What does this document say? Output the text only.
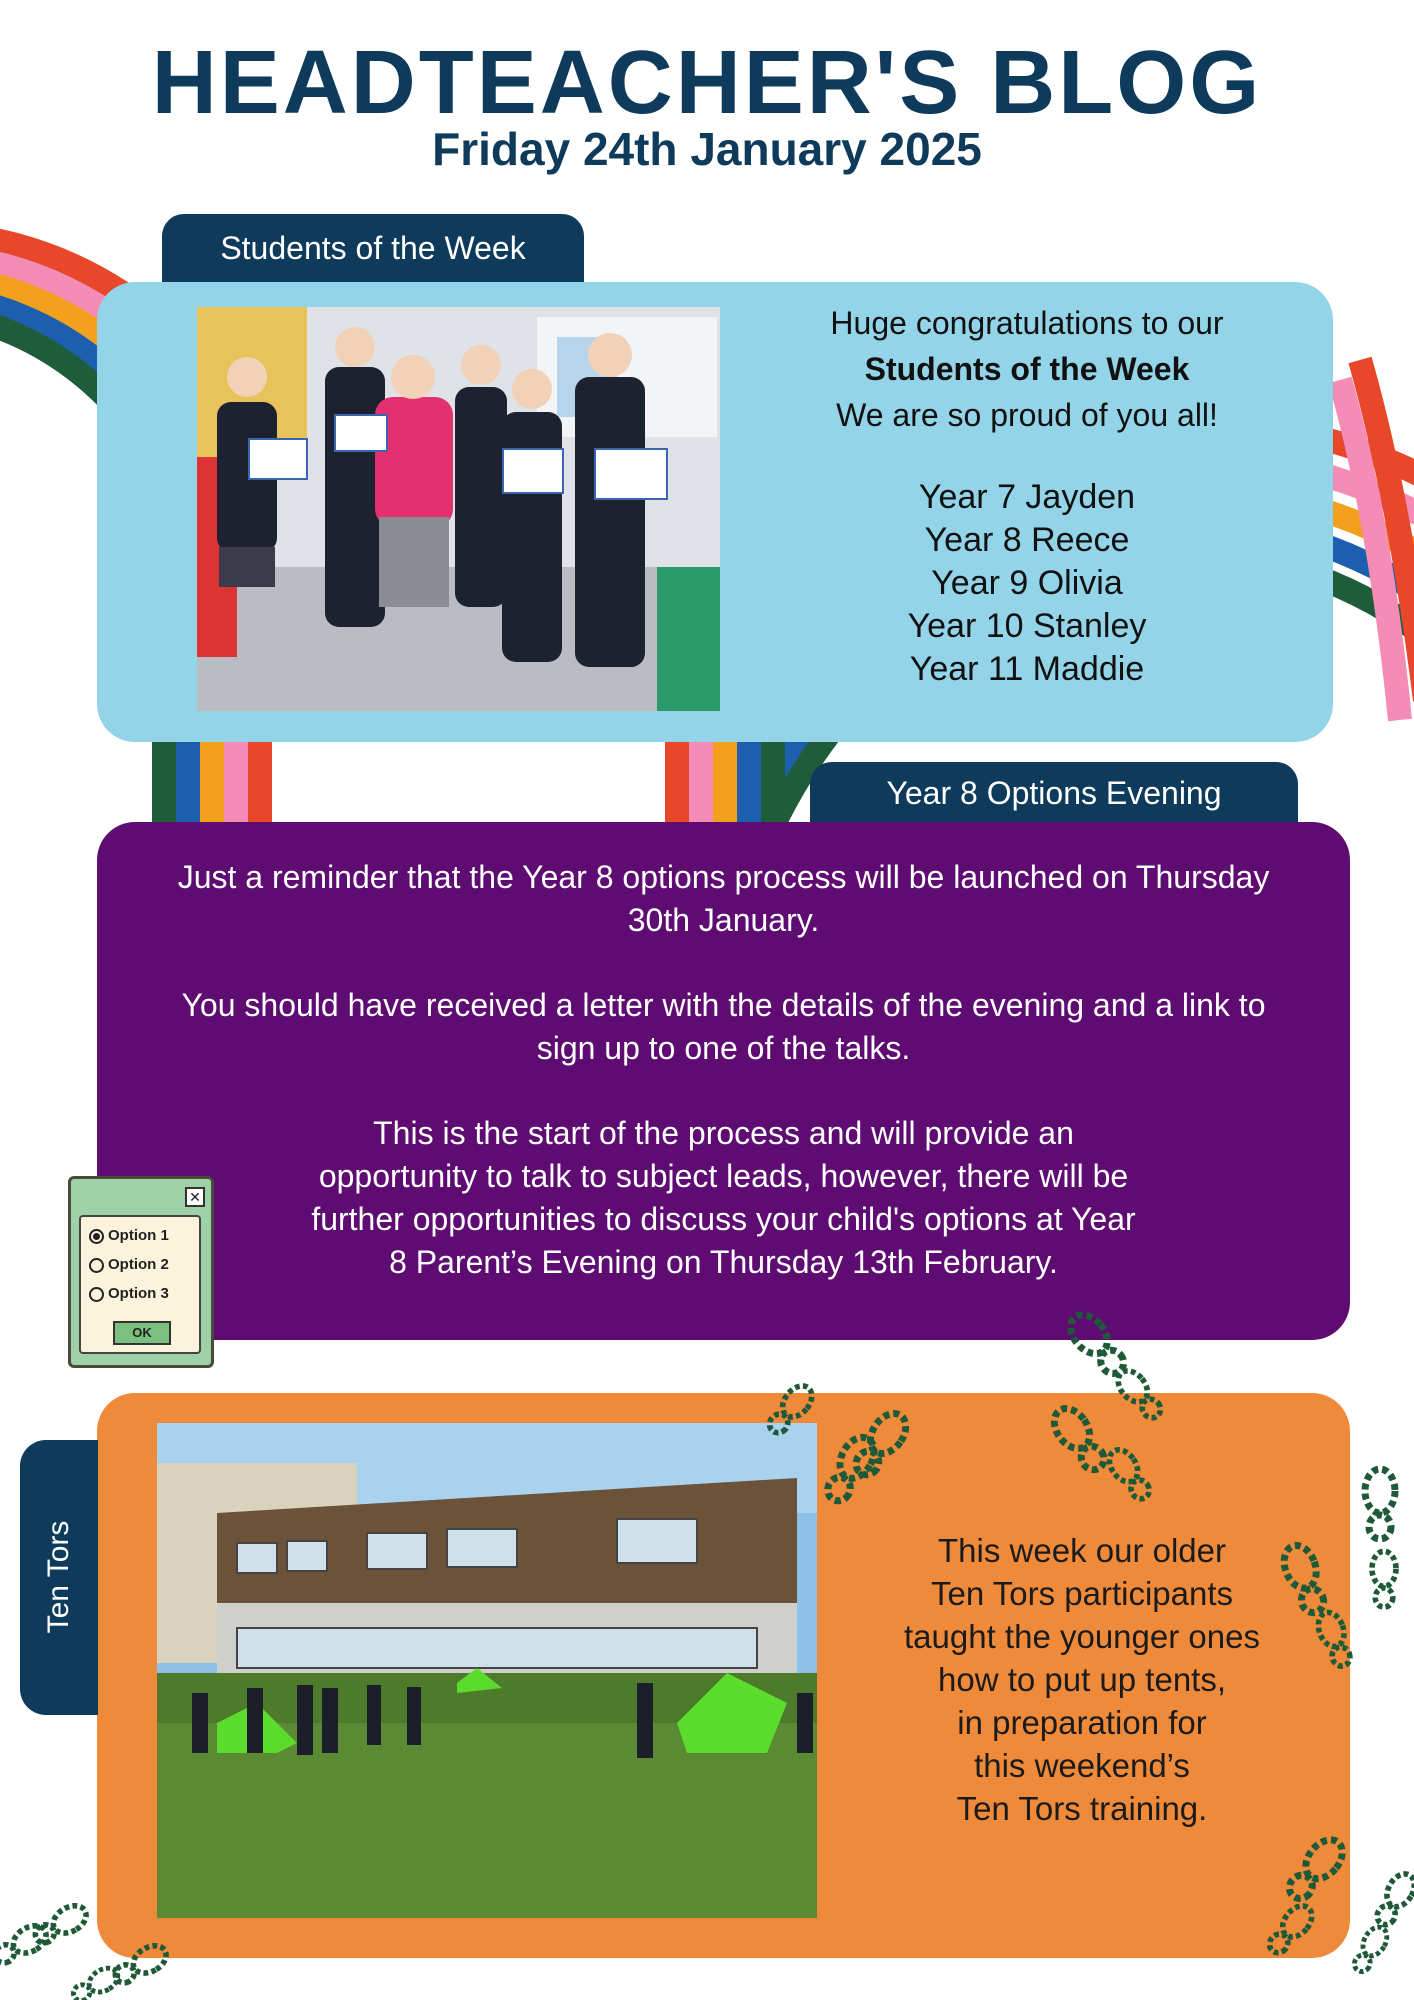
HEADTEACHER'S BLOG
Friday 24th January 2025
Students of the Week
Huge congratulations to our
Students of the Week
We are so proud of you all!
Year 7 Jayden
Year 8 Reece
Year 9 Olivia
Year 10 Stanley
Year 11 Maddie
Year 8 Options Evening

Just a reminder that the Year 8 options process will be launched on Thursday 30th January.

You should have received a letter with the details of the evening and a link to sign up to one of the talks.

This is the start of the process and will provide an opportunity to talk to subject leads, however, there will be further opportunities to discuss your child's options at Year 8 Parent’s Evening on Thursday 13th February.

✕
Option 1
Option 2
Option 3
OK
This week our older
Ten Tors participants
taught the younger ones
how to put up tents,
in preparation for
this weekend’s
Ten Tors training.
Ten Tors
